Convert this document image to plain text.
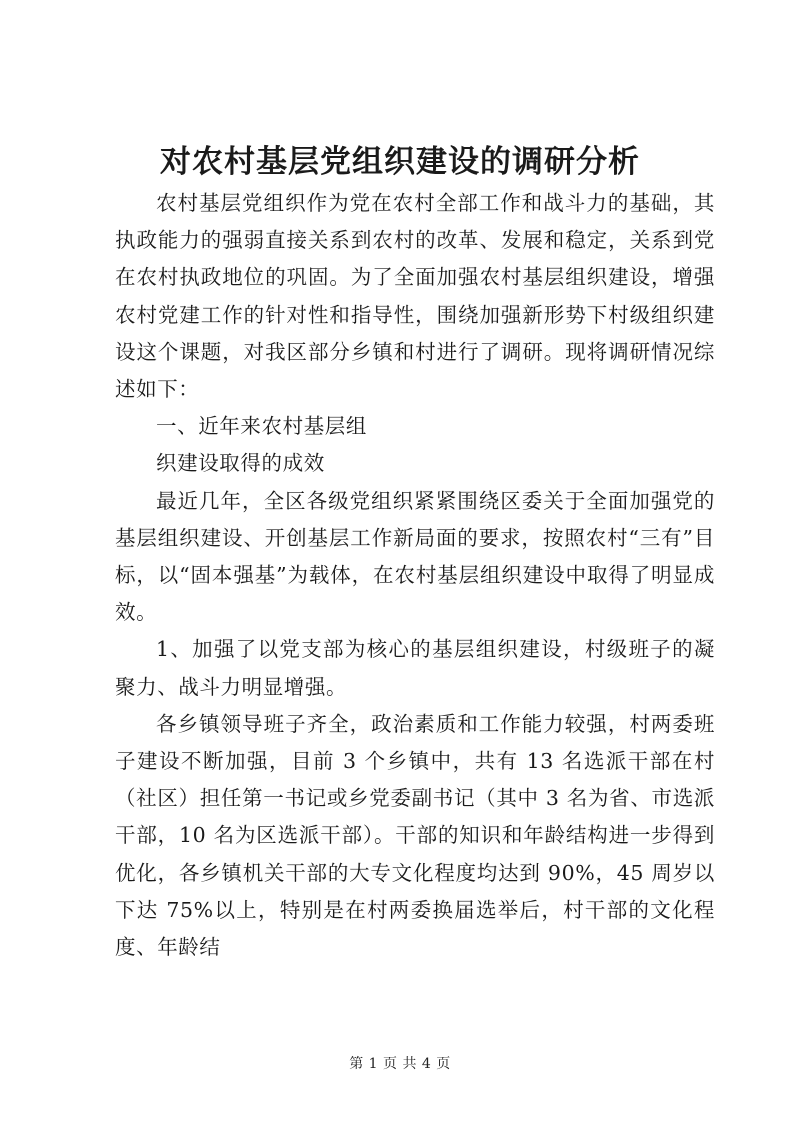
对农村基层党组织建设的调研分析

农村基层党组织作为党在农村全部工作和战斗力的基础，其执政能力的强弱直接关系到农村的改革、发展和稳定，关系到党在农村执政地位的巩固。为了全面加强农村基层组织建设，增强农村党建工作的针对性和指导性，围绕加强新形势下村级组织建设这个课题，对我区部分乡镇和村进行了调研。现将调研情况综述如下：

一、近年来农村基层组

织建设取得的成效

最近几年，全区各级党组织紧紧围绕区委关于全面加强党的基层组织建设、开创基层工作新局面的要求，按照农村“三有”目标，以“固本强基”为载体，在农村基层组织建设中取得了明显成效。

1、加强了以党支部为核心的基层组织建设，村级班子的凝聚力、战斗力明显增强。

各乡镇领导班子齐全，政治素质和工作能力较强，村两委班子建设不断加强，目前 3 个乡镇中，共有 13 名选派干部在村（社区）担任第一书记或乡党委副书记（其中 3 名为省、市选派干部，10 名为区选派干部）。干部的知识和年龄结构进一步得到优化，各乡镇机关干部的大专文化程度均达到 90%，45 周岁以下达 75%以上，特别是在村两委换届选举后，村干部的文化程度、年龄结

第 1 页 共 4 页
